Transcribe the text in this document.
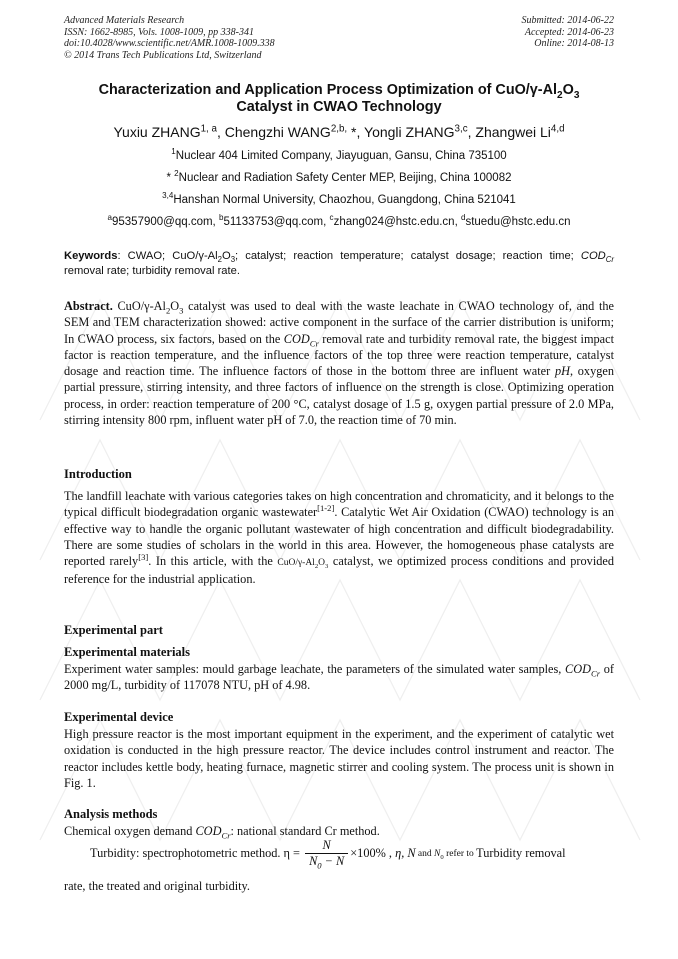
Advanced Materials Research
ISSN: 1662-8985, Vols. 1008-1009, pp 338-341
doi:10.4028/www.scientific.net/AMR.1008-1009.338
© 2014 Trans Tech Publications Ltd, Switzerland
Submitted: 2014-06-22
Accepted: 2014-06-23
Online: 2014-08-13
Characterization and Application Process Optimization of CuO/$\gamma-Al_2O_3$
Catalyst in CWAO Technology
Yuxiu ZHANG$^{1, a}$, Chengzhi $WANG^{2,b,}$ *, Yongli ZHANG$^{3,c}$, Zhangwei Li$^{4,d}$
$^1$Nuclear 404 Limited Company, Jiayuguan, Gansu, China 735100
* $^2$Nuclear and Radiation Safety Center MEP, Beijing, China 100082
$^{3,4}$Hanshan Normal University, Chaozhou, Guangdong, China 521041
$^a$95357900@qq.com, $^b$51133753@qq.com, $^c$zhang024@hstc.edu.cn, $^d$stuedu@hstc.edu.cn
Keywords: CWAO; CuO/$\gamma-Al_2O_3$; catalyst; reaction temperature; catalyst dosage; reaction time; $COD_{Cr}$ removal rate; turbidity removal rate.
Abstract. CuO/$\gamma-Al_2O_3$ catalyst was used to deal with the waste leachate in CWAO technology of, and the SEM and TEM characterization showed: active component in the surface of the carrier distribution is uniform; In CWAO process, six factors, based on the $COD_{Cr}$ removal rate and turbidity removal rate, the biggest impact factor is reaction temperature, and the influence factors of the top three were reaction temperature, catalyst dosage and reaction time. The influence factors of those in the bottom three are influent water pH, oxygen partial pressure, stirring intensity, and three factors of influence on the strength is close. Optimizing operation process, in order: reaction temperature of 200 °C, catalyst dosage of 1.5 g, oxygen partial pressure of 2.0 MPa, stirring intensity 800 rpm, influent water pH of 7.0, the reaction time of 70 min.
Introduction
The landfill leachate with various categories takes on high concentration and chromaticity, and it belongs to the typical difficult biodegradation organic wastewater[1-2]. Catalytic Wet Air Oxidation (CWAO) technology is an effective way to handle the organic pollutant wastewater of high concentration and difficult biodegradability. There are some studies of scholars in the world in this area. However, the homogeneous phase catalysts are reported rarely[3]. In this article, with the CuO/$\gamma-Al_2O_3$ catalyst, we optimized process conditions and provided reference for the industrial application.
Experimental part
Experimental materials
Experiment water samples: mould garbage leachate, the parameters of the simulated water samples, $COD_{Cr}$ of 2000 mg/L, turbidity of 117078 NTU, pH of 4.98.
Experimental device
High pressure reactor is the most important equipment in the experiment, and the experiment of catalytic wet oxidation is conducted in the high pressure reactor. The device includes control instrument and reactor. The reactor includes kettle body, heating furnace, magnetic stirrer and cooling system. The process unit is shown in Fig. 1.
Analysis methods
Chemical oxygen demand $COD_{Cr}$: national standard Cr method.
Turbidity: spectrophotometric method. $\eta = \frac{N}{N_0 - N} \times 100\%$ , η, N and $N_0$ refer to Turbidity removal
rate, the treated and original turbidity.
